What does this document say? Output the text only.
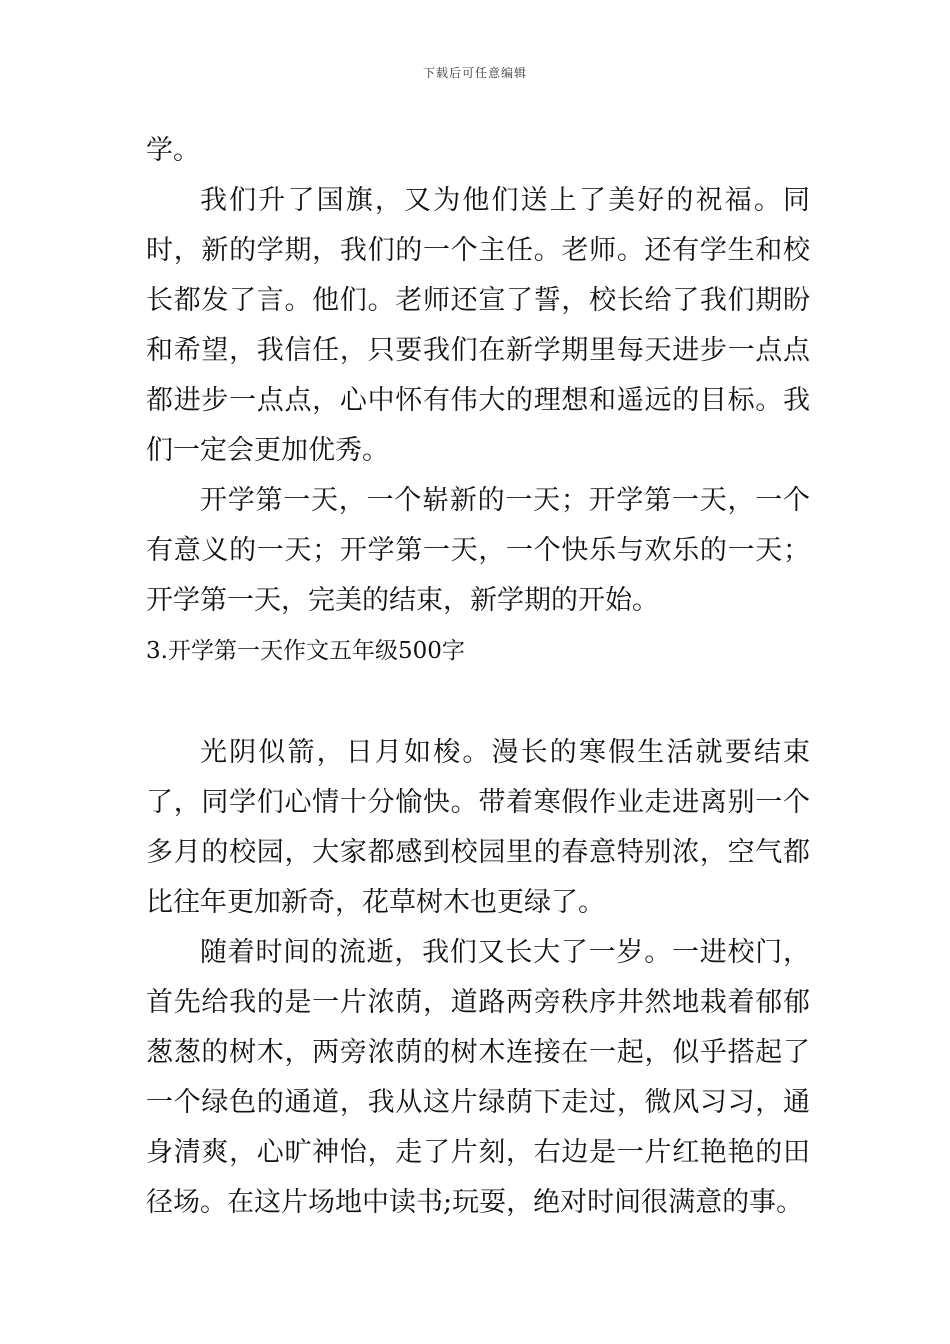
下载后可任意编辑

学。

我们升了国旗，又为他们送上了美好的祝福。同时，新的学期，我们的一个主任。老师。还有学生和校长都发了言。他们。老师还宣了誓，校长给了我们期盼和希望，我信任，只要我们在新学期里每天进步一点点都进步一点点，心中怀有伟大的理想和遥远的目标。我们一定会更加优秀。

开学第一天，一个崭新的一天；开学第一天，一个有意义的一天；开学第一天，一个快乐与欢乐的一天；开学第一天，完美的结束，新学期的开始。

3.开学第一天作文五年级500字

光阴似箭，日月如梭。漫长的寒假生活就要结束了，同学们心情十分愉快。带着寒假作业走进离别一个多月的校园，大家都感到校园里的春意特别浓，空气都比往年更加新奇，花草树木也更绿了。

随着时间的流逝，我们又长大了一岁。一进校门，首先给我的是一片浓荫，道路两旁秩序井然地栽着郁郁葱葱的树木，两旁浓荫的树木连接在一起，似乎搭起了一个绿色的通道，我从这片绿荫下走过，微风习习，通身清爽，心旷神怡，走了片刻，右边是一片红艳艳的田径场。在这片场地中读书;玩耍，绝对时间很满意的事。
